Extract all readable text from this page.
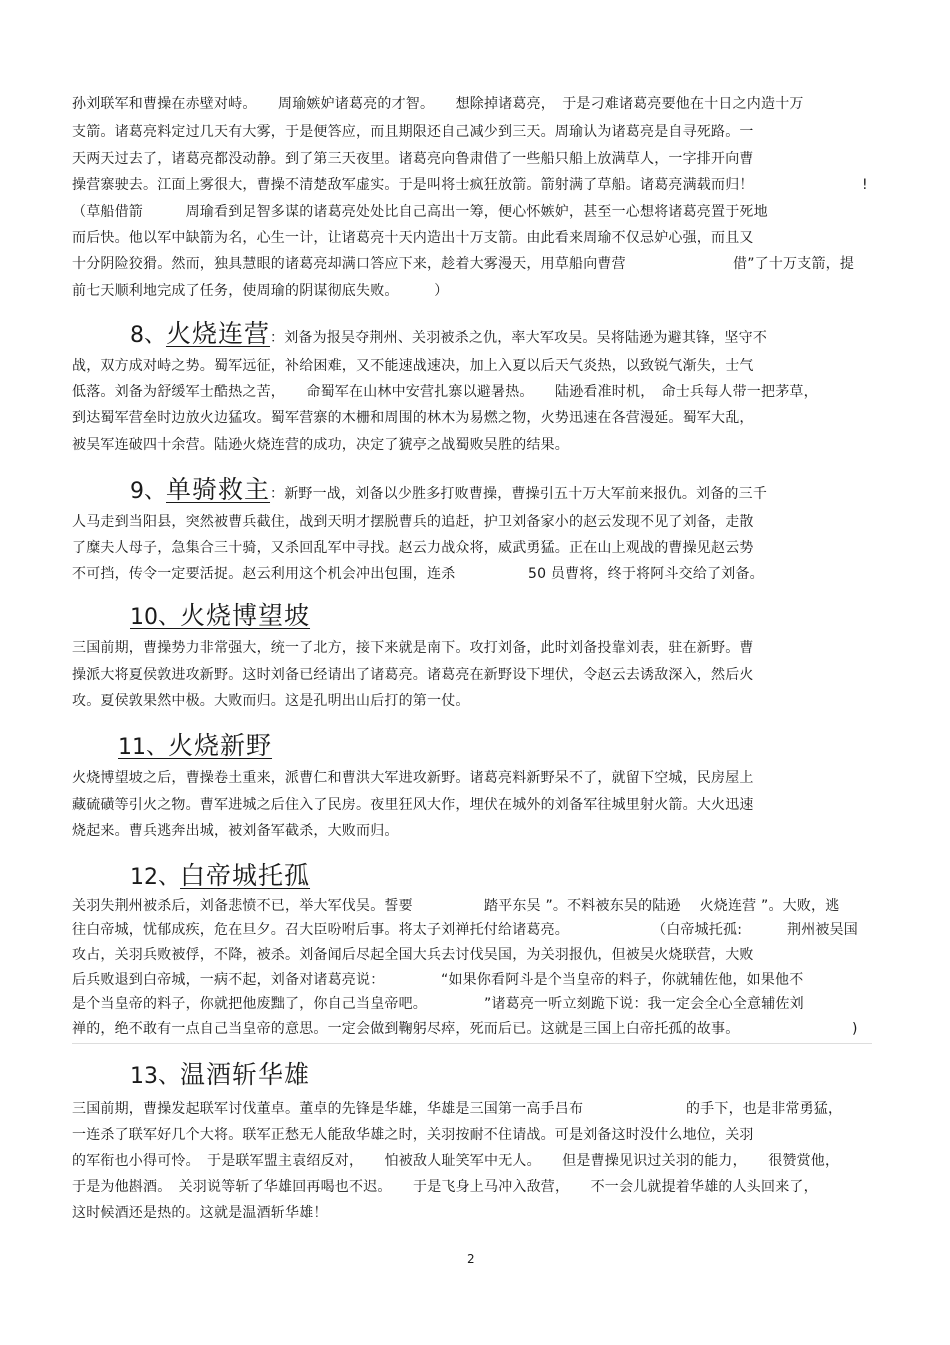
孙刘联军和曹操在赤壁对峙。　　周瑜嫉妒诸葛亮的才智。　　想除掉诸葛亮，　于是刁难诸葛亮要他在十日之内造十万
支箭。诸葛亮料定过几天有大雾，于是便答应，而且期限还自己减少到三天。周瑜认为诸葛亮是自寻死路。一
天两天过去了，诸葛亮都没动静。到了第三天夜里。诸葛亮向鲁肃借了一些船只船上放满草人，一字排开向曹
操营寨驶去。江面上雾很大，曹操不清楚敌军虚实。于是叫将士疯狂放箭。箭射满了草船。诸葛亮满载而归！	!
（草船借箭　　　周瑜看到足智多谋的诸葛亮处处比自己高出一筹，便心怀嫉妒，甚至一心想将诸葛亮置于死地
而后快。他以军中缺箭为名，心生一计，让诸葛亮十天内造出十万支箭。由此看来周瑜不仅忌妒心强，而且又
十分阴险狡猾。然而，独具慧眼的诸葛亮却满口答应下来，趁着大雾漫天，用草船向曹营	借”了十万支箭，提
前七天顺利地完成了任务，使周瑜的阴谋彻底失败。　　　）
8、火烧连营：刘备为报吴夺荆州、关羽被杀之仇，率大军攻吴。吴将陆逊为避其锋，坚守不
战，双方成对峙之势。蜀军远征，补给困难，又不能速战速决，加上入夏以后天气炎热，以致锐气渐失，士气
低落。刘备为舒缓军士酷热之苦，　　命蜀军在山林中安营扎寨以避暑热。　　陆逊看准时机，　命士兵每人带一把茅草，
到达蜀军营垒时边放火边猛攻。蜀军营寨的木栅和周围的林木为易燃之物，火势迅速在各营漫延。蜀军大乱，
被吴军连破四十余营。陆逊火烧连营的成功，决定了猇亭之战蜀败吴胜的结果。
9、单骑救主：新野一战，刘备以少胜多打败曹操，曹操引五十万大军前来报仇。刘备的三千
人马走到当阳县，突然被曹兵截住，战到天明才摆脱曹兵的追赶，护卫刘备家小的赵云发现不见了刘备，走散
了糜夫人母子，急集合三十骑，又杀回乱军中寻找。赵云力战众将，威武勇猛。正在山上观战的曹操见赵云势
不可挡，传令一定要活捉。赵云利用这个机会冲出包围，连杀	50 员曹将，终于将阿斗交给了刘备。
10、火烧博望坡
三国前期，曹操势力非常强大，统一了北方，接下来就是南下。攻打刘备，此时刘备投靠刘表，驻在新野。曹
操派大将夏侯敦进攻新野。这时刘备已经请出了诸葛亮。诸葛亮在新野设下埋伏，令赵云去诱敌深入，然后火
攻。夏侯敦果然中极。大败而归。这是孔明出山后打的第一仗。
11、火烧新野
火烧博望坡之后，曹操卷土重来，派曹仁和曹洪大军进攻新野。诸葛亮料新野呆不了，就留下空城，民房屋上
藏硫磺等引火之物。曹军进城之后住入了民房。夜里狂风大作，埋伏在城外的刘备军往城里射火箭。大火迅速
烧起来。曹兵逃奔出城，被刘备军截杀，大败而归。
12、白帝城托孤
关羽失荆州被杀后，刘备悲愤不已，举大军伐吴。誓要	踏平东吴 ”。不料被东吴的陆逊　 火烧连营 ”。大败，逃
往白帝城，忧郁成疾，危在旦夕。召大臣吩咐后事。将太子刘禅托付给诸葛亮。	（白帝城托孤:	荆州被吴国
攻占，关羽兵败被俘，不降，被杀。刘备闻后尽起全国大兵去讨伐吴国，为关羽报仇，但被吴火烧联营，大败
后兵败退到白帝城，一病不起，刘备对诸葛亮说：	“如果你看阿斗是个当皇帝的料子，你就辅佐他，如果他不
是个当皇帝的料子，你就把他废黜了，你自己当皇帝吧。	”诸葛亮一听立刻跪下说：我一定会全心全意辅佐刘
禅的，绝不敢有一点自己当皇帝的意思。一定会做到鞠躬尽瘁，死而后已。这就是三国上白帝托孤的故事。	)
13、温酒斩华雄
三国前期，曹操发起联军讨伐董卓。董卓的先锋是华雄，华雄是三国第一高手吕布	的手下，也是非常勇猛，
一连杀了联军好几个大将。联军正愁无人能敌华雄之时，关羽按耐不住请战。可是刘备这时没什么地位，关羽
的军衔也小得可怜。　于是联军盟主袁绍反对，　　怕被敌人耻笑军中无人。　　但是曹操见识过关羽的能力，　　很赞赏他，
于是为他斟酒。　关羽说等斩了华雄回再喝也不迟。　　于是飞身上马冲入敌营，　　不一会儿就提着华雄的人头回来了，
这时候酒还是热的。这就是温酒斩华雄！
2
